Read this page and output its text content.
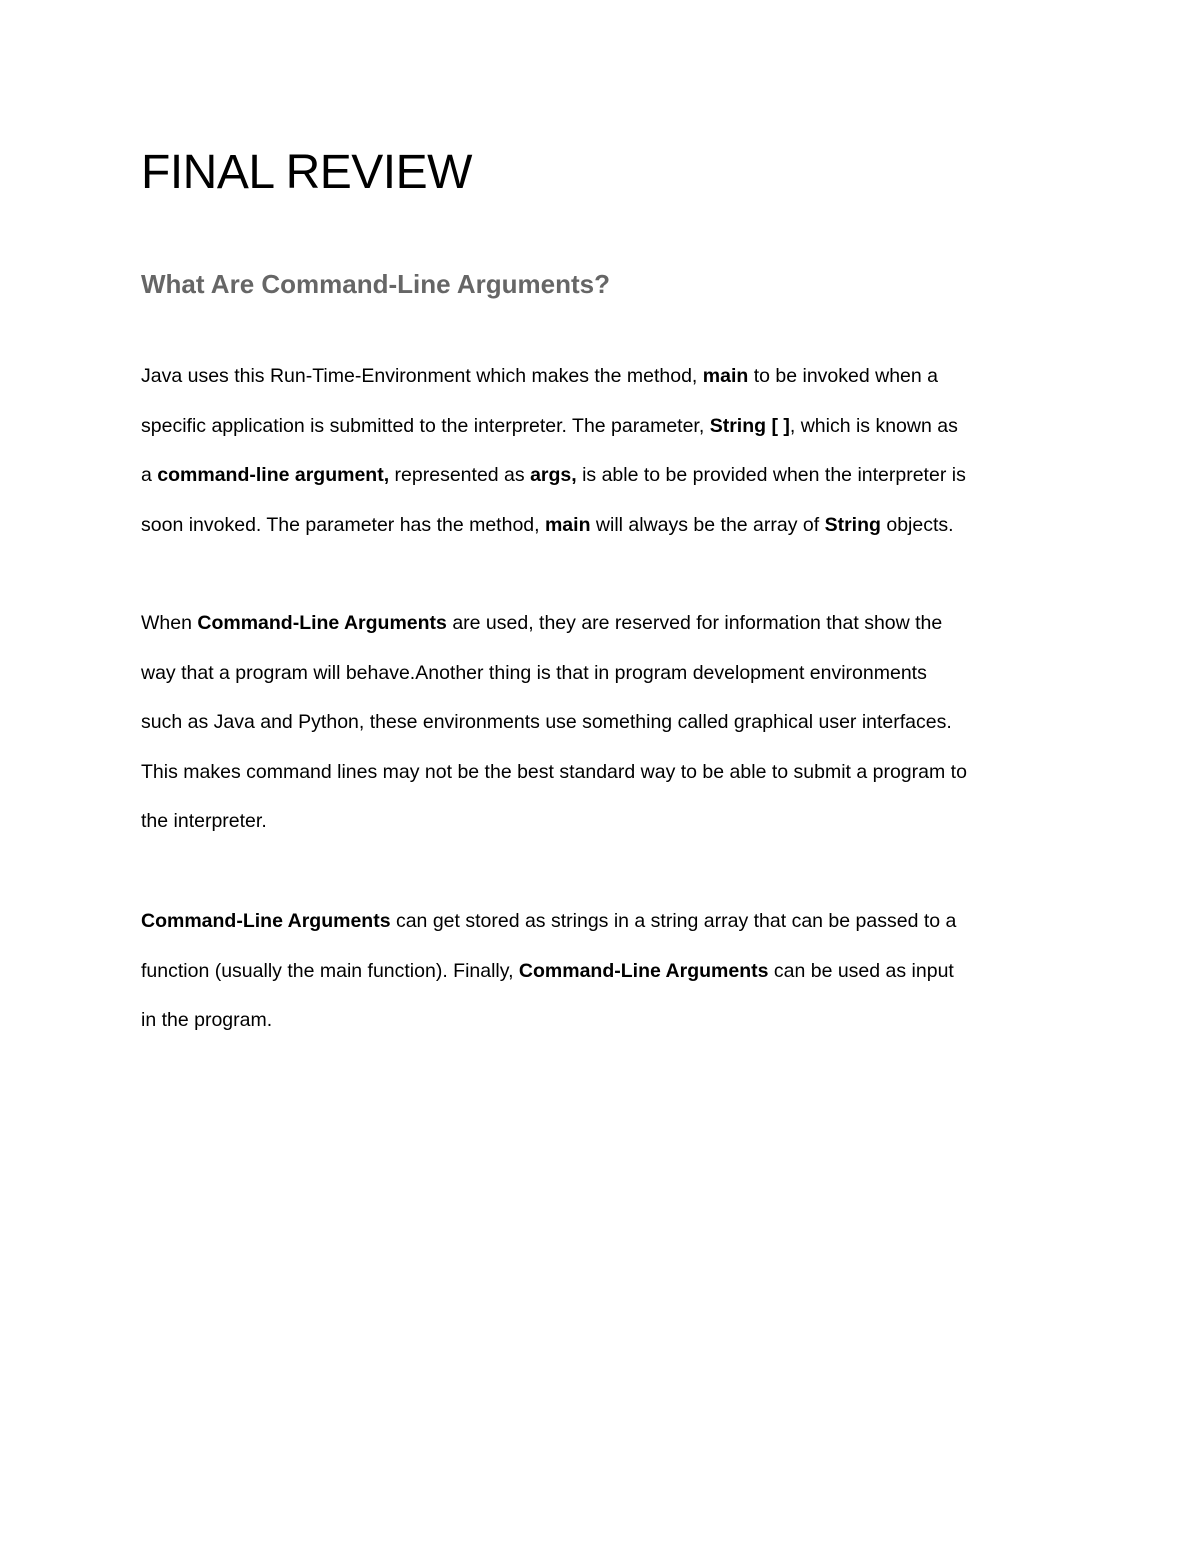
FINAL REVIEW
What Are Command-Line Arguments?
Java uses this Run-Time-Environment which makes the method, main to be invoked when a
specific application is submitted to the interpreter. The parameter, String [ ], which is known as
a command-line argument, represented as args, is able to be provided when the interpreter is
soon invoked. The parameter has the method, main will always be the array of String objects.
When Command-Line Arguments are used, they are reserved for information that show the
way that a program will behave.Another thing is that in program development environments
such as Java and Python, these environments use something called graphical user interfaces.
This makes command lines may not be the best standard way to be able to submit a program to
the interpreter.
Command-Line Arguments can get stored as strings in a string array that can be passed to a
function (usually the main function). Finally, Command-Line Arguments can be used as input
in the program.
